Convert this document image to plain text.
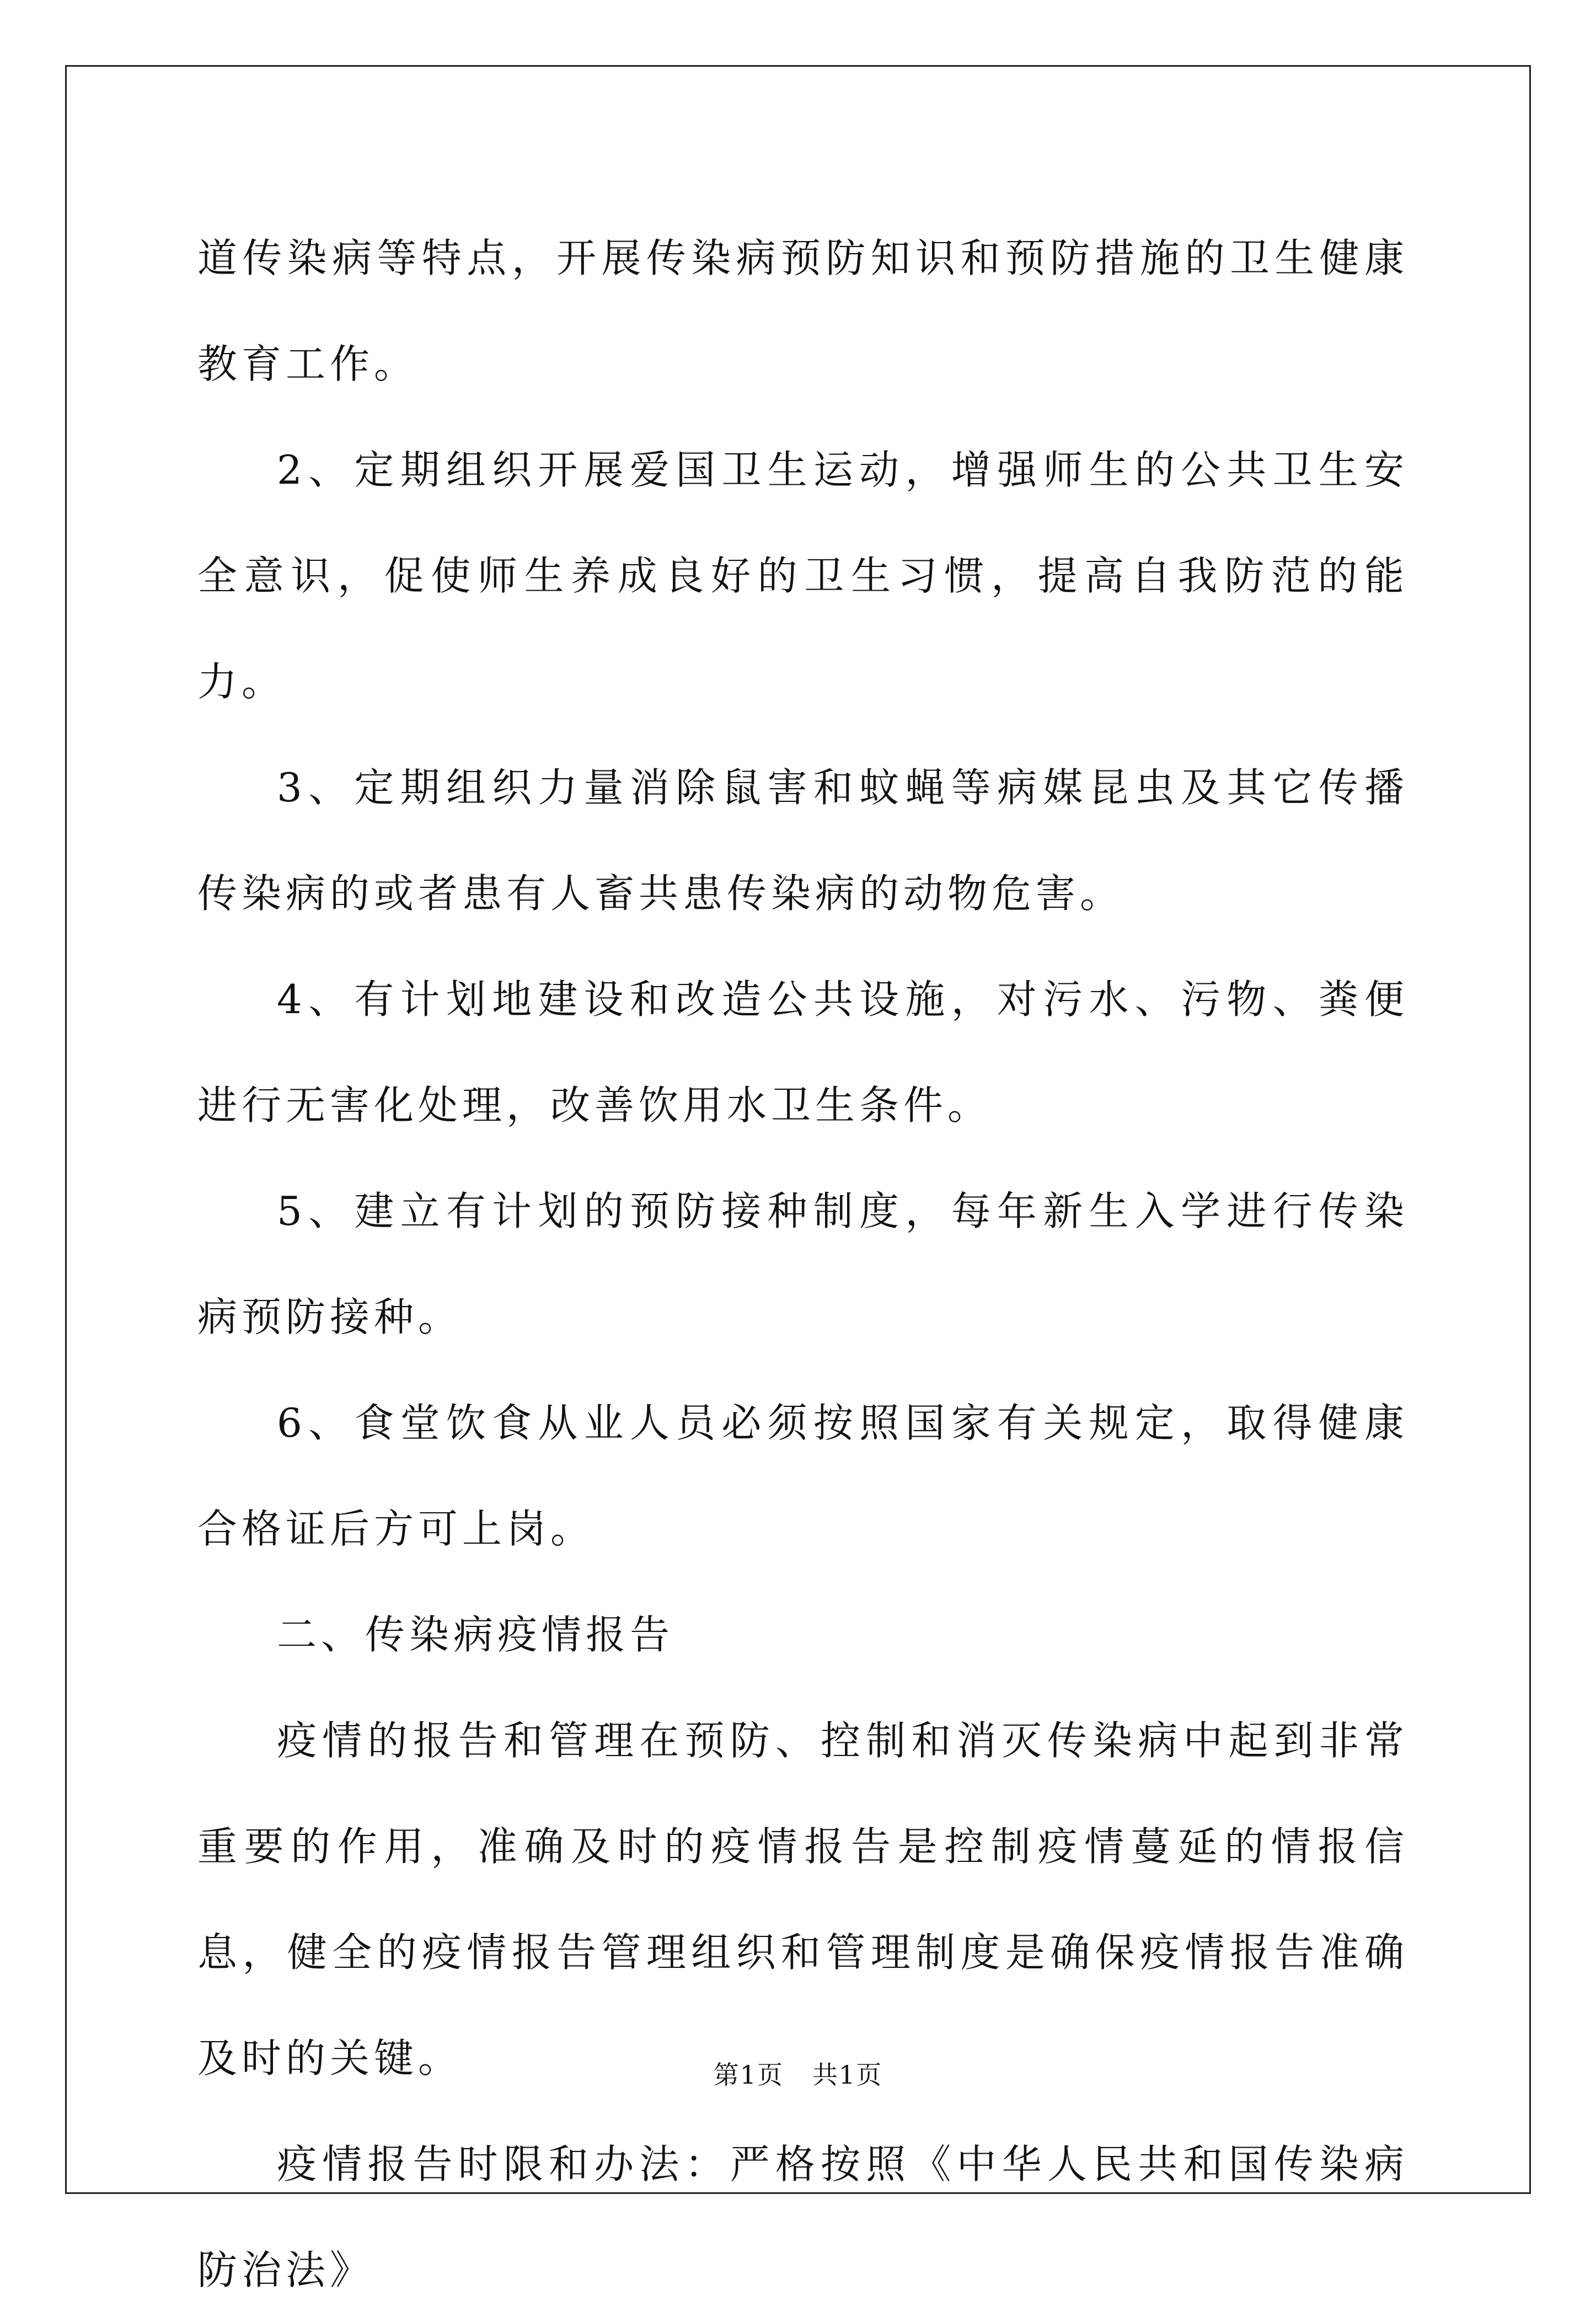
道传染病等特点，开展传染病预防知识和预防措施的卫生健康教育工作。

2、定期组织开展爱国卫生运动，增强师生的公共卫生安全意识，促使师生养成良好的卫生习惯，提高自我防范的能力。

3、定期组织力量消除鼠害和蚊蝇等病媒昆虫及其它传播传染病的或者患有人畜共患传染病的动物危害。

4、有计划地建设和改造公共设施，对污水、污物、粪便进行无害化处理，改善饮用水卫生条件。

5、建立有计划的预防接种制度，每年新生入学进行传染病预防接种。

6、食堂饮食从业人员必须按照国家有关规定，取得健康合格证后方可上岗。

二、传染病疫情报告

疫情的报告和管理在预防、控制和消灭传染病中起到非常重要的作用，准确及时的疫情报告是控制疫情蔓延的情报信息，健全的疫情报告管理组织和管理制度是确保疫情报告准确及时的关键。

疫情报告时限和办法：严格按照《中华人民共和国传染病防治法》

第1页 共1页
